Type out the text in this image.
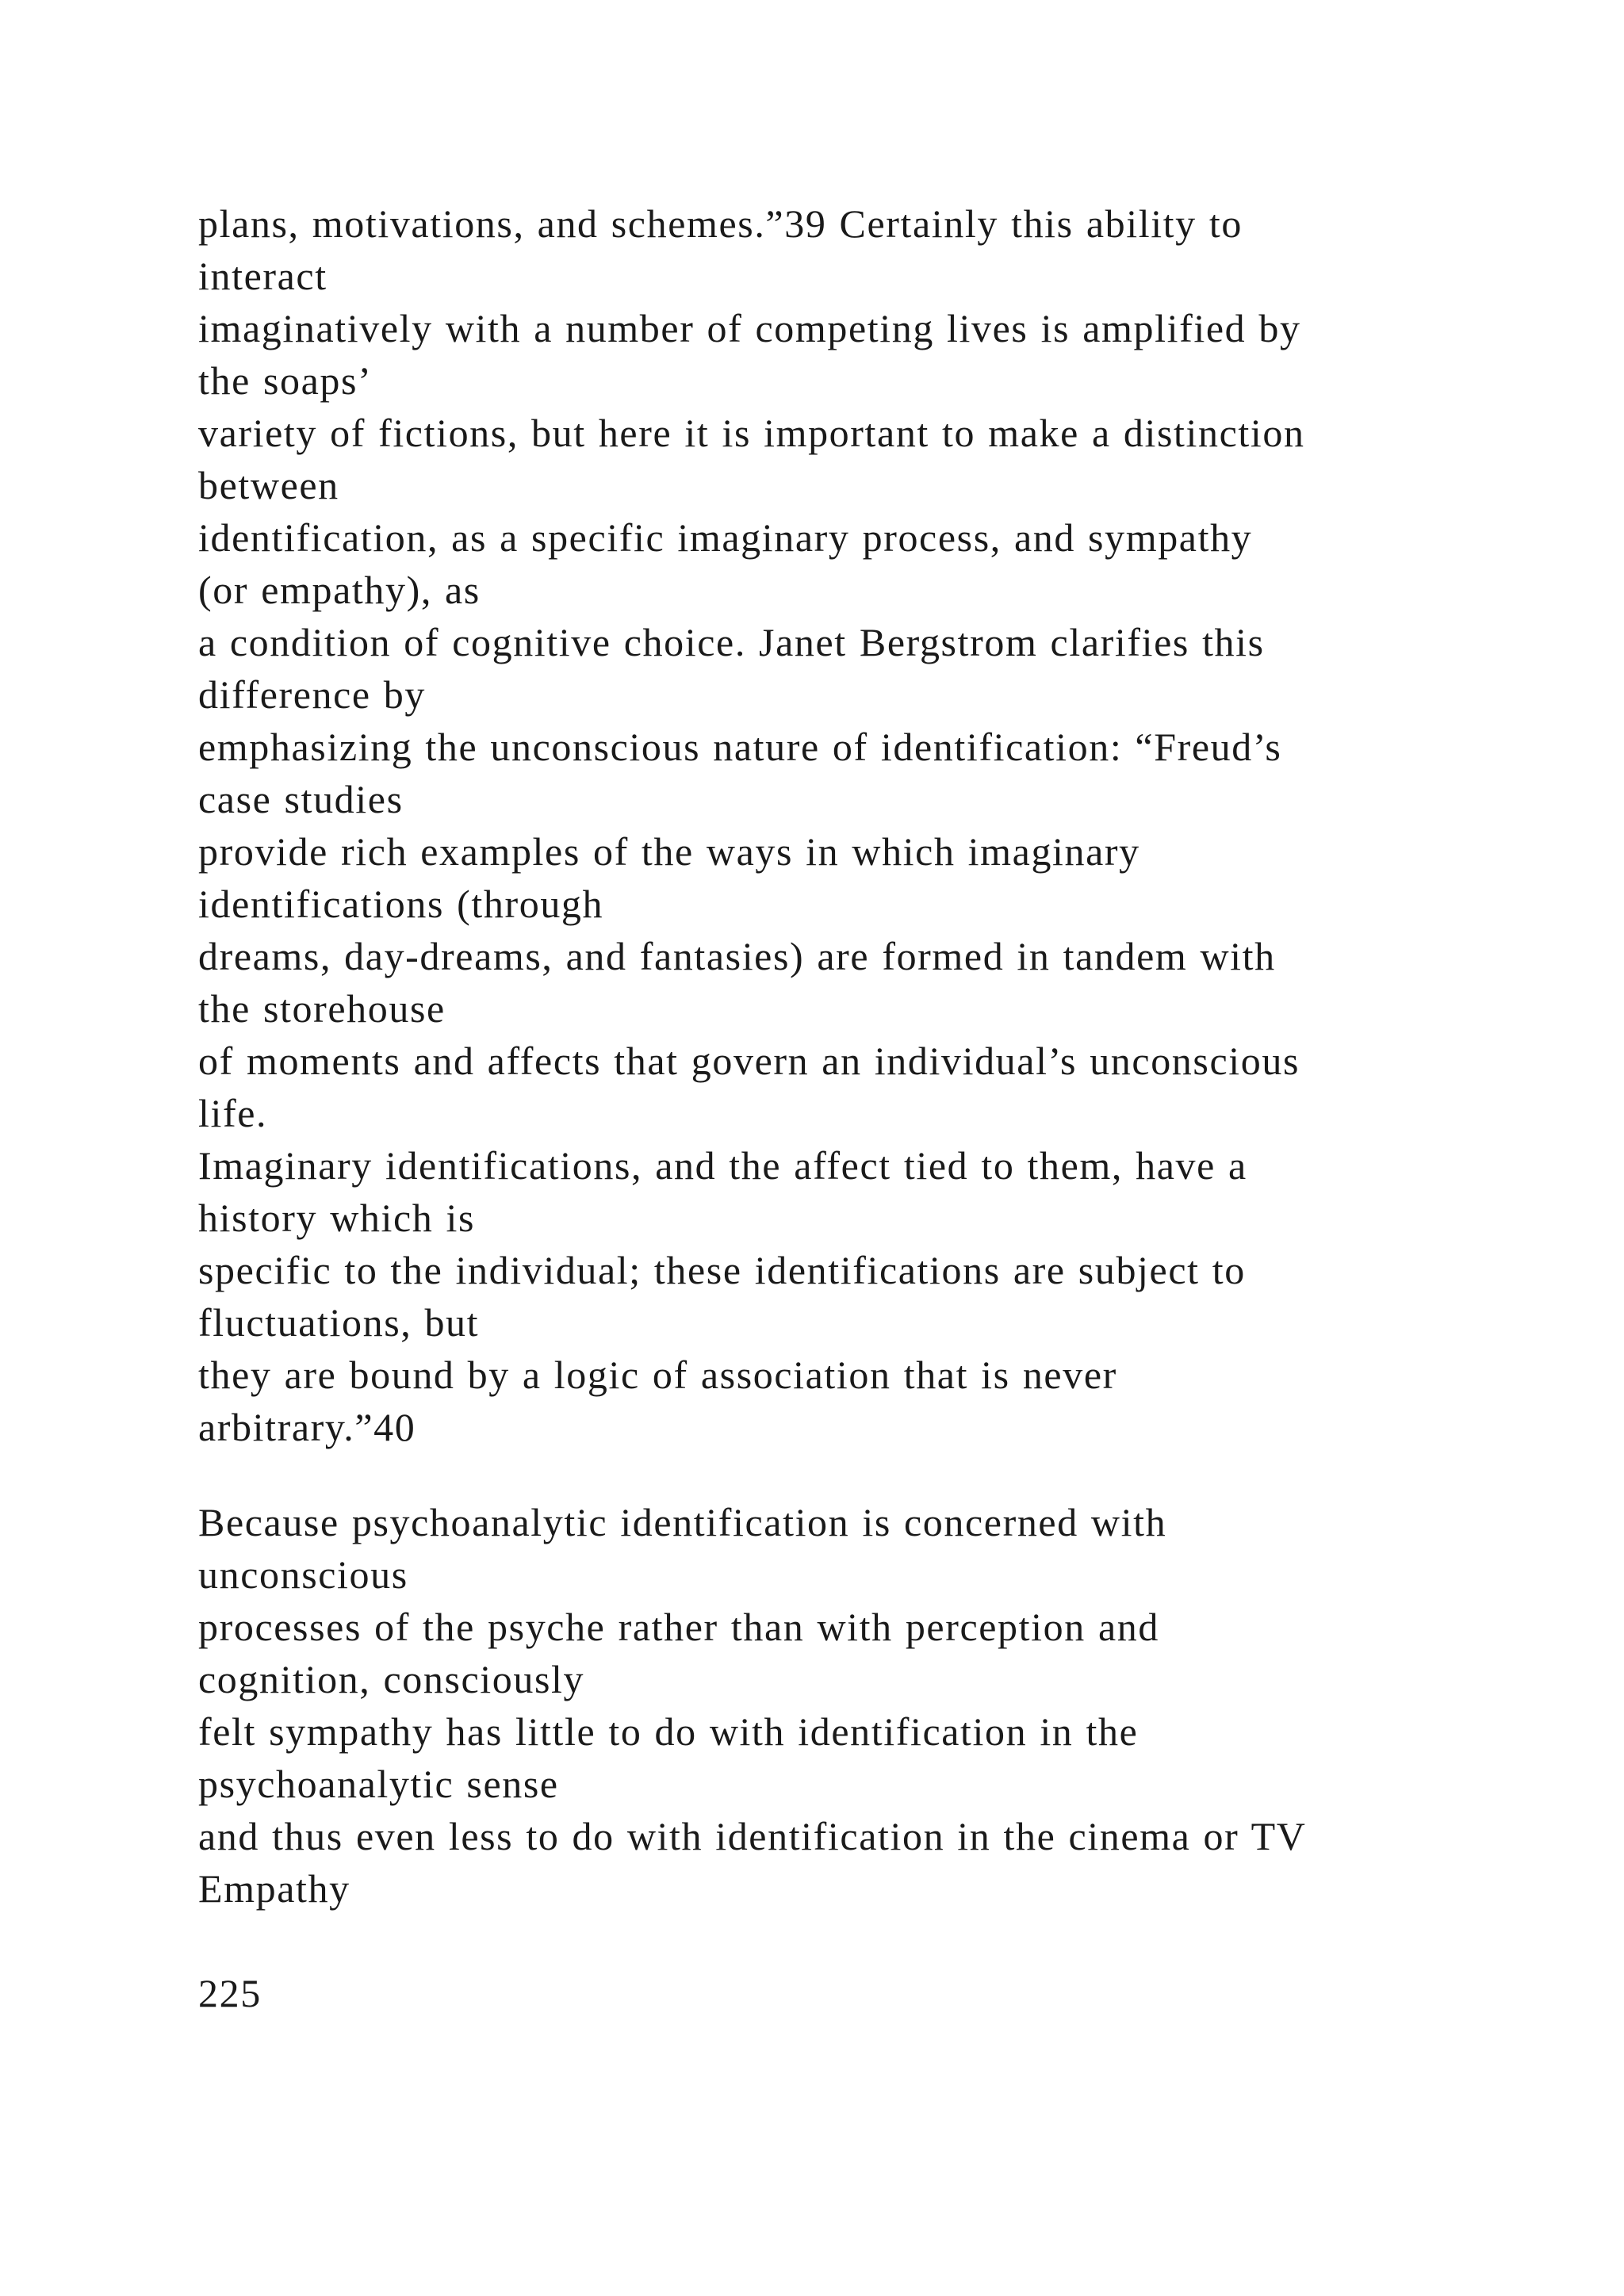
plans, motivations, and schemes.”39 Certainly this ability to
interact
imaginatively with a number of competing lives is amplified by
the soaps’
variety of fictions, but here it is important to make a distinction
between
identification, as a specific imaginary process, and sympathy
(or empathy), as
a condition of cognitive choice. Janet Bergstrom clarifies this
difference by
emphasizing the unconscious nature of identification: “Freud’s
case studies
provide rich examples of the ways in which imaginary
identifications (through
dreams, day-dreams, and fantasies) are formed in tandem with
the storehouse
of moments and affects that govern an individual’s unconscious
life.
Imaginary identifications, and the affect tied to them, have a
history which is
specific to the individual; these identifications are subject to
fluctuations, but
they are bound by a logic of association that is never
arbitrary.”40
Because psychoanalytic identification is concerned with
unconscious
processes of the psyche rather than with perception and
cognition, consciously
felt sympathy has little to do with identification in the
psychoanalytic sense
and thus even less to do with identification in the cinema or TV
Empathy
225
